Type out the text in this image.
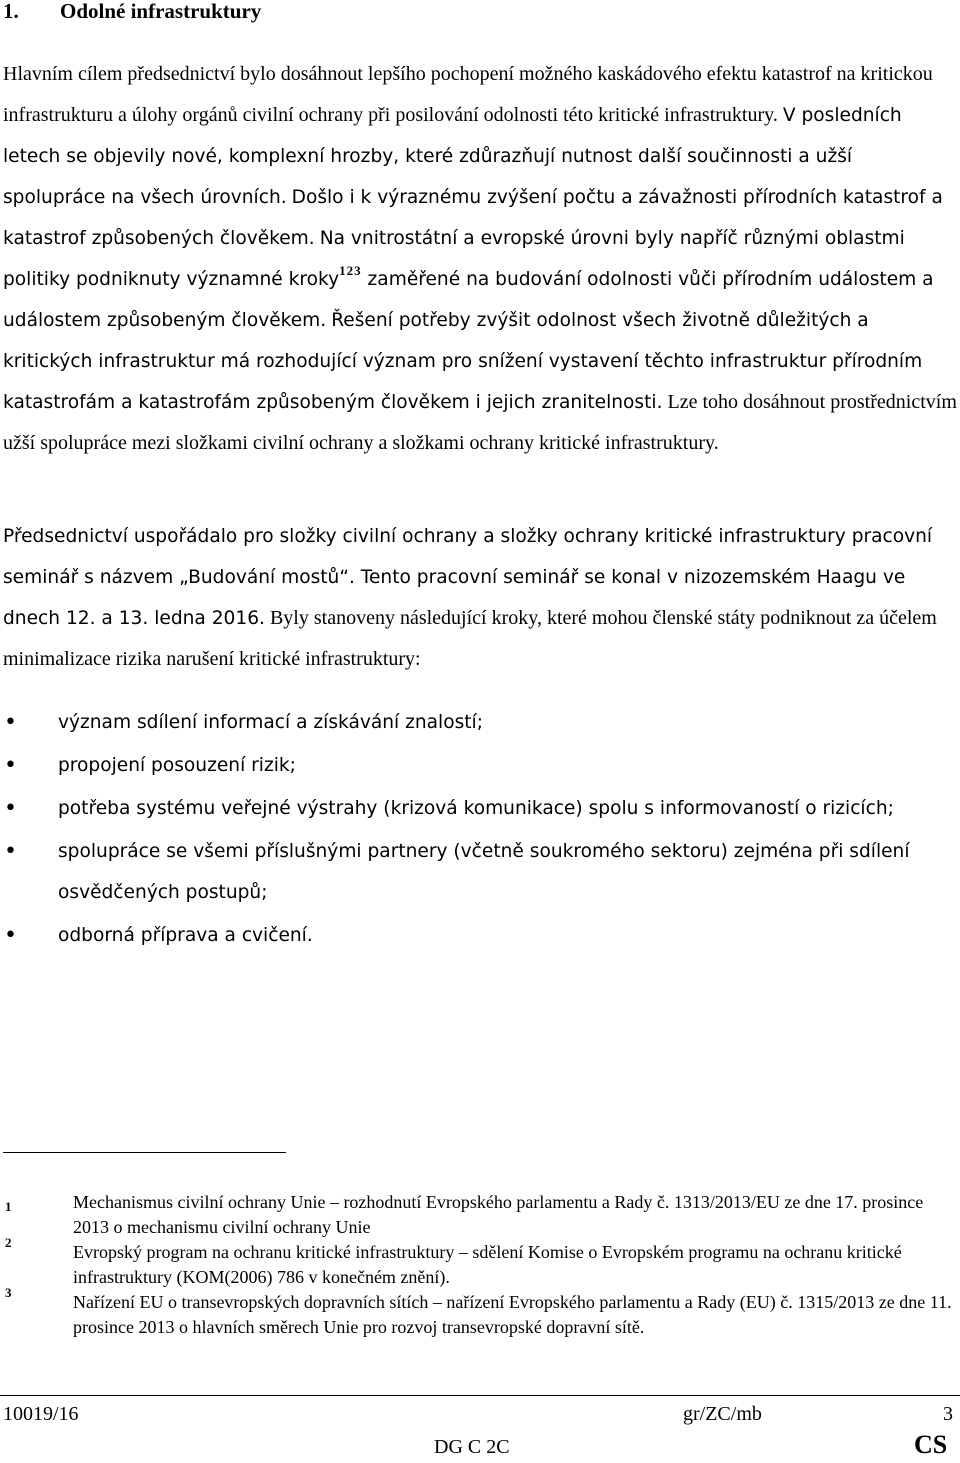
1. Odolné infrastruktury

Hlavním cílem předsednictví bylo dosáhnout lepšího pochopení možného kaskádového efektu katastrof na kritickou infrastrukturu a úlohy orgánů civilní ochrany při posilování odolnosti této kritické infrastruktury. V posledních letech se objevily nové, komplexní hrozby, které zdůrazňují nutnost další součinnosti a užší spolupráce na všech úrovních. Došlo i k výraznému zvýšení počtu a závažnosti přírodních katastrof a katastrof způsobených člověkem. Na vnitrostátní a evropské úrovni byly napříč různými oblastmi politiky podniknuty významné kroky$^{123}$ zaměřené na budování odolnosti vůči přírodním událostem a událostem způsobeným člověkem. Řešení potřeby zvýšit odolnost všech životně důležitých a kritických infrastruktur má rozhodující význam pro snížení vystavení těchto infrastruktur přírodním katastrofám a katastrofám způsobeným člověkem i jejich zranitelnosti. Lze toho dosáhnout prostřednictvím užší spolupráce mezi složkami civilní ochrany a složkami ochrany kritické infrastruktury.

Předsednictví uspořádalo pro složky civilní ochrany a složky ochrany kritické infrastruktury pracovní seminář s názvem „Budování mostů“. Tento pracovní seminář se konal v nizozemském Haagu ve dnech 12. a 13. ledna 2016. Byly stanoveny následující kroky, které mohou členské státy podniknout za účelem minimalizace rizika narušení kritické infrastruktury:

• význam sdílení informací a získávání znalostí;
• propojení posouzení rizik;
• potřeba systému veřejné výstrahy (krizová komunikace) spolu s informovaností o rizicích;
• spolupráce se všemi příslušnými partnery (včetně soukromého sektoru) zejména při sdílení osvědčených postupů;
• odborná příprava a cvičení.
1	Mechanismus civilní ochrany Unie – rozhodnutí Evropského parlamentu a Rady č. 1313/2013/EU ze dne 17. prosince 2013 o mechanismu civilní ochrany Unie
2	Evropský program na ochranu kritické infrastruktury – sdělení Komise o Evropském programu na ochranu kritické infrastruktury (KOM(2006) 786 v konečném znění).
3	Nařízení EU o transevropských dopravních sítích – nařízení Evropského parlamentu a Rady (EU) č. 1315/2013 ze dne 11. prosince 2013 o hlavních směrech Unie pro rozvoj transevropské dopravní sítě.
10019/16	gr/ZC/mb	3
DG C 2C	CS
